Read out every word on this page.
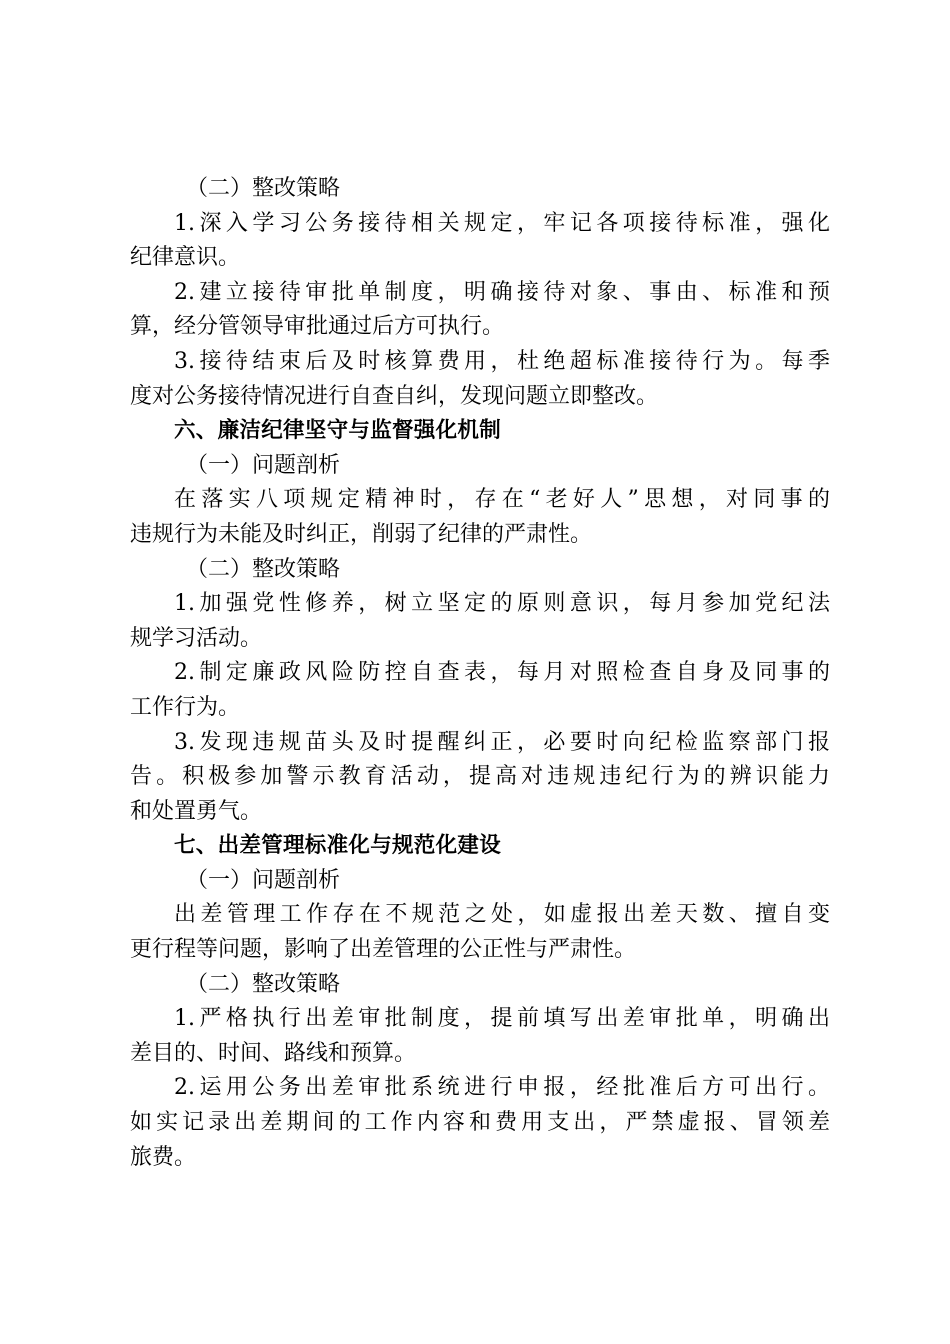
（二）整改策略
1.深入学习公务接待相关规定，牢记各项接待标准，强化
纪律意识。
2.建立接待审批单制度，明确接待对象、事由、标准和预
算，经分管领导审批通过后方可执行。
3.接待结束后及时核算费用，杜绝超标准接待行为。每季
度对公务接待情况进行自查自纠，发现问题立即整改。
六、廉洁纪律坚守与监督强化机制
（一）问题剖析
在落实八项规定精神时，存在“老好人”思想，对同事的
违规行为未能及时纠正，削弱了纪律的严肃性。
（二）整改策略
1.加强党性修养，树立坚定的原则意识，每月参加党纪法
规学习活动。
2.制定廉政风险防控自查表，每月对照检查自身及同事的
工作行为。
3.发现违规苗头及时提醒纠正，必要时向纪检监察部门报
告。积极参加警示教育活动，提高对违规违纪行为的辨识能力
和处置勇气。
七、出差管理标准化与规范化建设
（一）问题剖析
出差管理工作存在不规范之处，如虚报出差天数、擅自变
更行程等问题，影响了出差管理的公正性与严肃性。
（二）整改策略
1.严格执行出差审批制度，提前填写出差审批单，明确出
差目的、时间、路线和预算。
2.运用公务出差审批系统进行申报，经批准后方可出行。
如实记录出差期间的工作内容和费用支出，严禁虚报、冒领差
旅费。
